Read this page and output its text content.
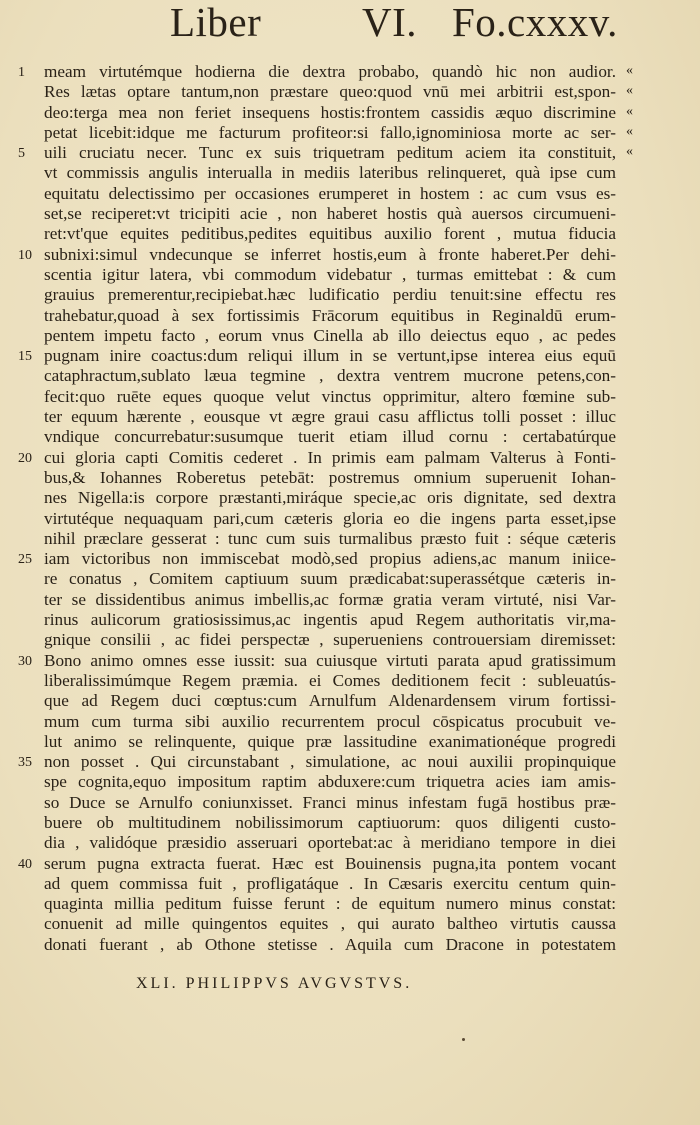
Liber VI. Fo.cxxxv.
1	meam virtutémque hodierna die dextra probabo, quandò hic non audior. «
Res lætas optare tantum,non præstare queo:quod vnū mei arbitrii est,spon- «
deo:terga mea non feriet insequens hostis:frontem cassidis æquo discrimine «
petat licebit:idque me facturum profiteor:si fallo,ignominiosa morte ac ser- «
5	uili cruciatu necer. Tunc ex suis triquetram peditum aciem ita constituit, «
vt commissis angulis interualla in mediis lateribus relinqueret, quà ipse cum
equitatu delectissimo per occasiones erumperet in hostem : ac cum vsus es-
set,se reciperet:vt tricipiti acie , non haberet hostis quà auersos circumueni-
ret:vt'que equites peditibus,pedites equitibus auxilio forent , mutua fiducia
10 subnixi:simul vndecunque se inferret hostis,eum à fronte haberet.Per dehi-
scentia igitur latera, vbi commodum videbatur , turmas emittebat : & cum
grauius premerentur,recipiebat.hæc ludificatio perdiu tenuit:sine effectu res
trahebatur,quoad à sex fortissimis Frācorum equitibus in Reginaldū erum-
pentem impetu facto , eorum vnus Cinella ab illo deiectus equo , ac pedes
15 pugnam inire coactus:dum reliqui illum in se vertunt,ipse interea eius equū
cataphractum,sublato læua tegmine , dextra ventrem mucrone petens,con-
fecit:quo ruēte eques quoque velut vinctus opprimitur, altero fœmine sub-
ter equum hærente , eousque vt ægre graui casu afflictus tolli posset : illuc
vndique concurrebatur:susumque tuerit etiam illud cornu : certabatúrque
20 cui gloria capti Comitis cederet . In primis eam palmam Valterus à Fonti-
bus,& Iohannes Roberetus petebāt: postremus omnium superuenit Iohan-
nes Nigella:is corpore præstanti,miráque specie,ac oris dignitate, sed dextra
virtutéque nequaquam pari,cum cæteris gloria eo die ingens parta esset,ipse
nihil præclare gesserat : tunc cum suis turmalibus præsto fuit : séque cæteris
25 iam victoribus non immiscebat modò,sed propius adiens,ac manum iniice-
re conatus , Comitem captiuum suum prædicabat:superassétque cæteris in-
ter se dissidentibus animus imbellis,ac formæ gratia veram virtuté, nisi Var-
rinus aulicorum gratiosissimus,ac ingentis apud Regem authoritatis vir,ma-
gnique consilii , ac fidei perspectæ , superueniens controuersiam diremisset:
30 Bono animo omnes esse iussit: sua cuiusque virtuti parata apud gratissimum
liberalissimúmque Regem præmia. ei Comes deditionem fecit : subleuatús-
que ad Regem duci cœptus:cum Arnulfum Aldenardensem virum fortissi-
mum cum turma sibi auxilio recurrentem procul cōspicatus procubuit ve-
lut animo se relinquente, quique præ lassitudine exanimationéque progredi
35 non posset . Qui circunstabant , simulatione, ac noui auxilii propinquique
spe cognita,equo impositum raptim abduxere:cum triquetra acies iam amis-
so Duce se Arnulfo coniunxisset. Franci minus infestam fugā hostibus præ-
buere ob multitudinem nobilissimorum captiuorum: quos diligenti custo-
dia , validóque præsidio asseruari oportebat:ac à meridiano tempore in diei
40 serum pugna extracta fuerat. Hæc est Bouinensis pugna,ita pontem vocant
ad quem commissa fuit , profligatáque . In Cæsaris exercitu centum quin-
quaginta millia peditum fuisse ferunt : de equitum numero minus constat:
conuenit ad mille quingentos equites , qui aurato baltheo virtutis caussa
donati fuerant , ab Othone stetisse . Aquila cum Dracone in potestatem
XLI. PHILIPPVS AVGVSTVS.
